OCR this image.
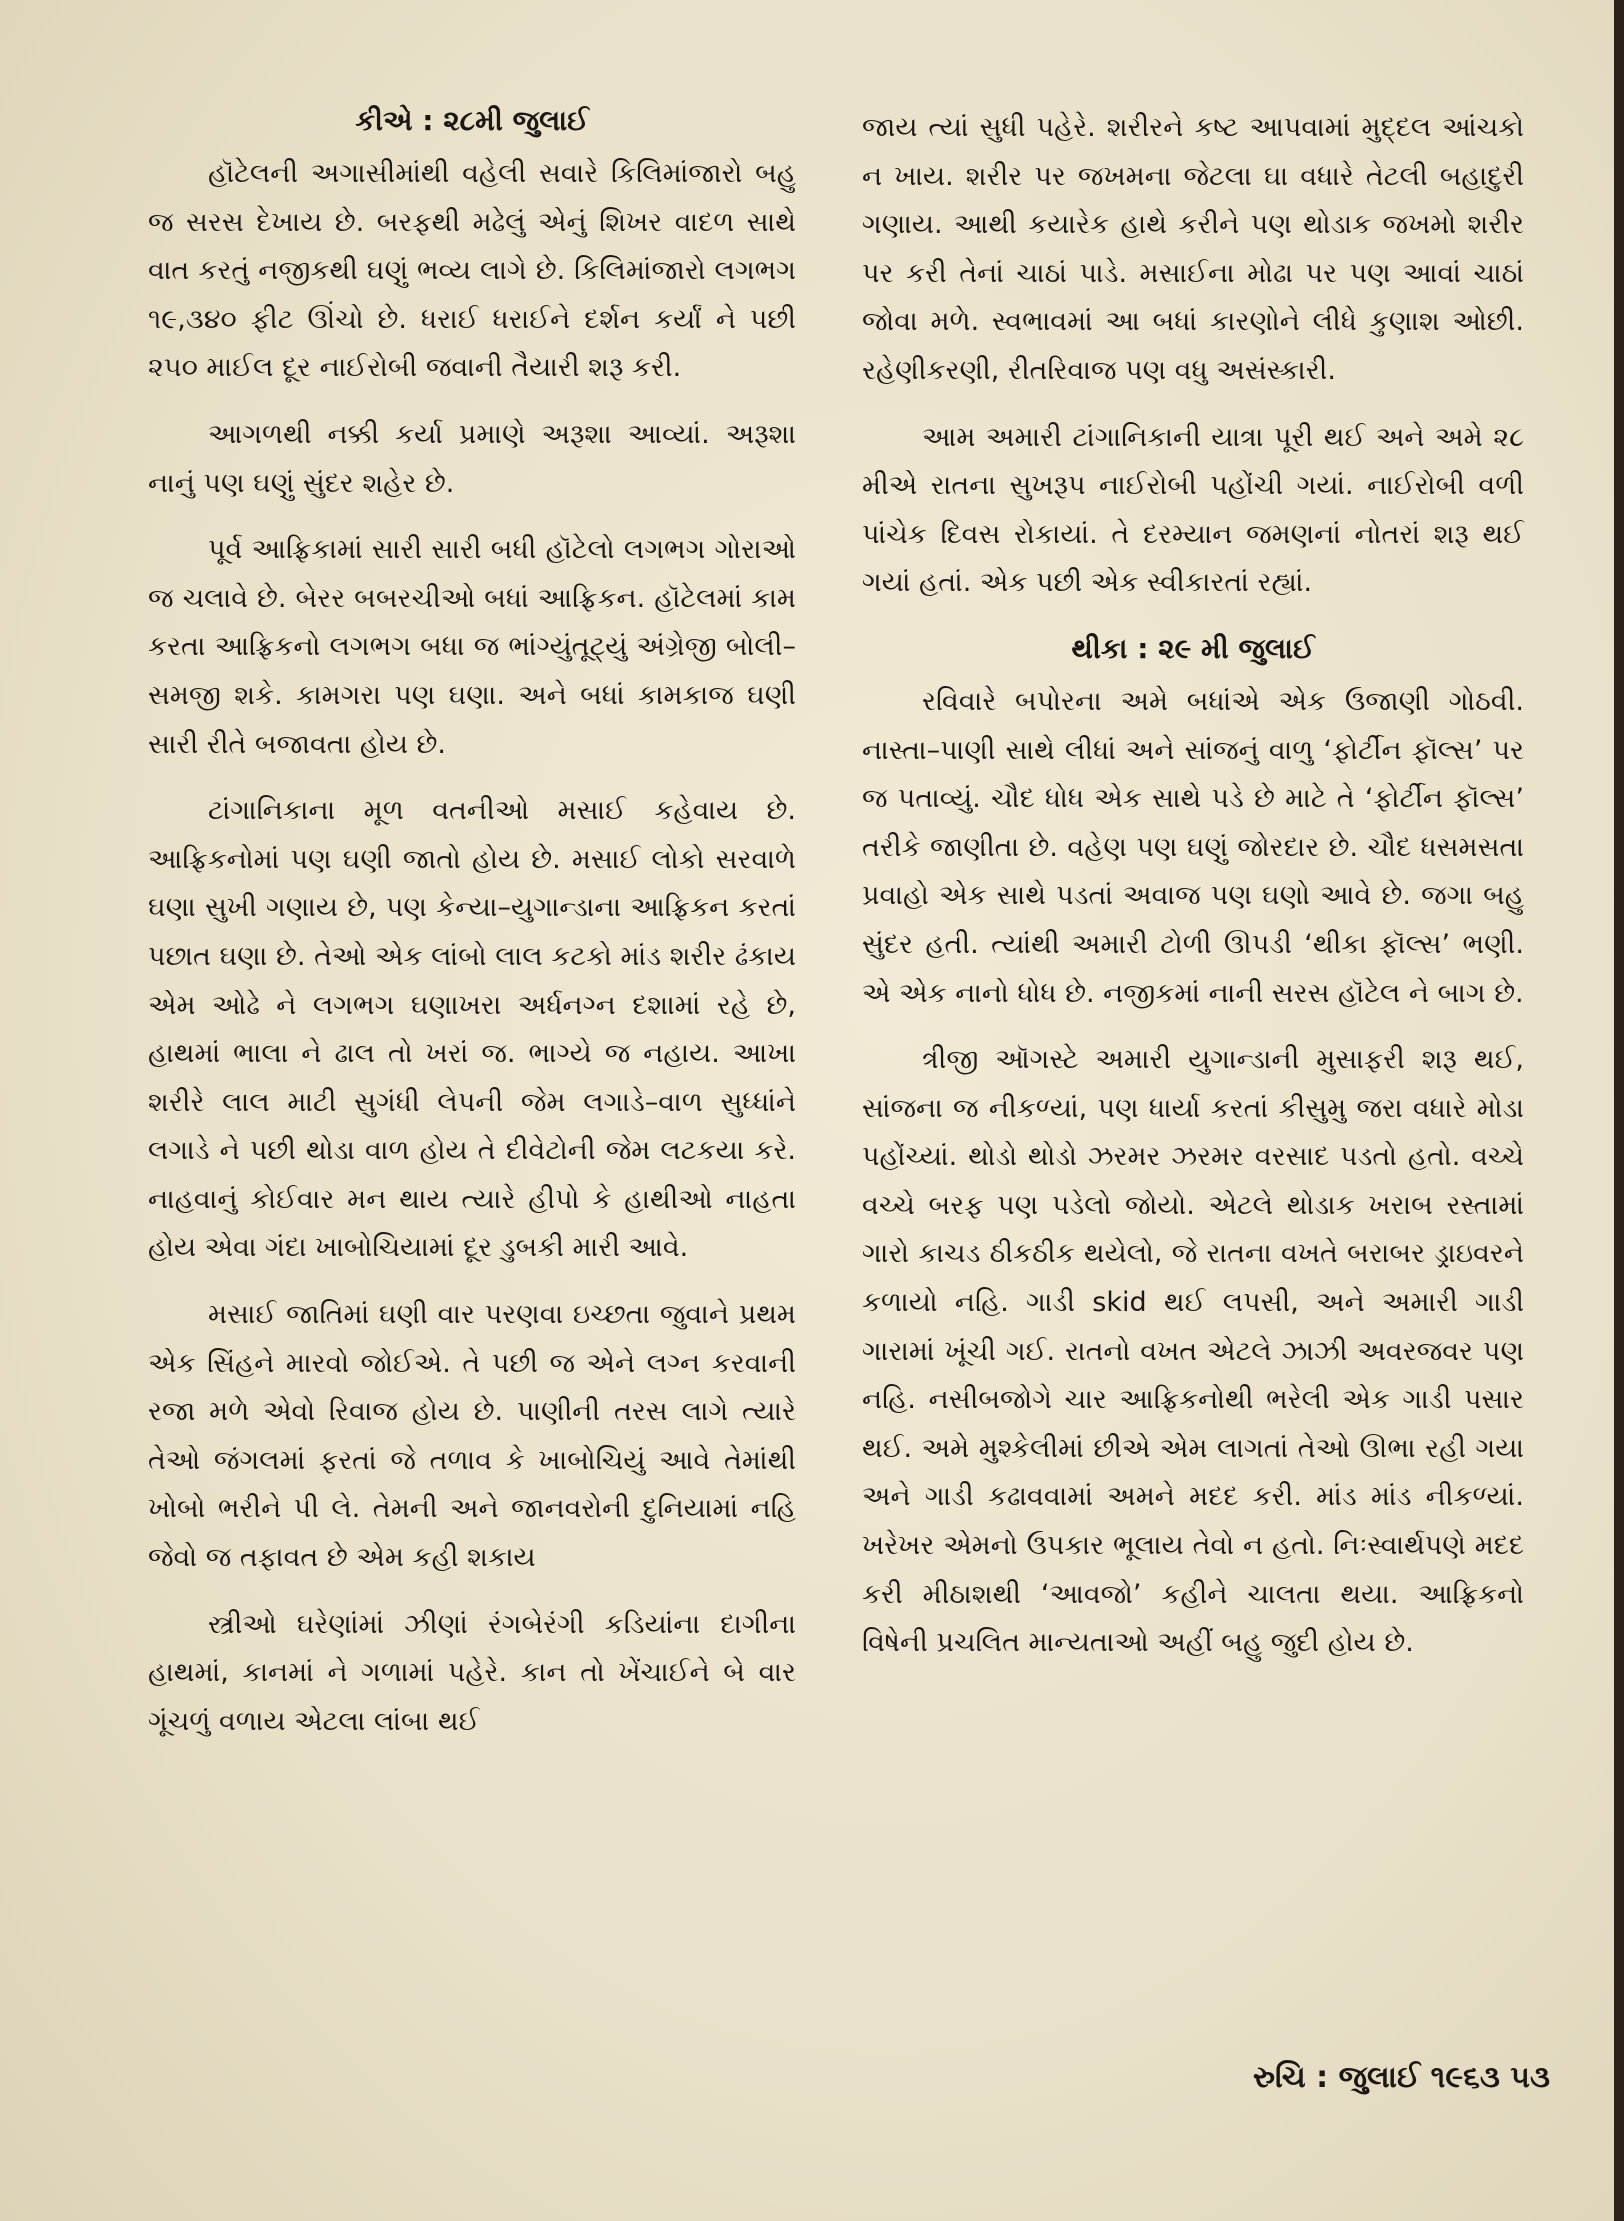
કીએ : ૨૮મી જુલાઈ

હૉટેલની અગાસીમાંથી વહેલી સવારે કિલિમાંજારો બહુ જ સરસ દેખાય છે. બરફથી મઢેલું એનું શિખર વાદળ સાથે વાત કરતું નજીકથી ઘણું ભવ્ય લાગે છે. કિલિમાંજારો લગભગ ૧૯,૩૪૦ ફીટ ઊંચો છે. ધરાઈ ધરાઈને દર્શન કર્યાં ને પછી ૨૫૦ માઈલ દૂર નાઈરોબી જવાની તૈયારી શરૂ કરી.

આગળથી નક્કી કર્યા પ્રમાણે અરૂશા આવ્યાં. અરૂશા નાનું પણ ઘણું સુંદર શહેર છે.

પૂર્વ આફ્રિકામાં સારી સારી બધી હૉટેલો લગભગ ગોરાઓ જ ચલાવે છે. બેરર બબરચીઓ બધાં આફ્રિકન. હૉટેલમાં કામ કરતા આફ્રિકનો લગભગ બધા જ ભાંગ્યુંતૂટ્યું અંગ્રેજી બોલી–સમજી શકે. કામગરા પણ ઘણા. અને બધાં કામકાજ ઘણી સારી રીતે બજાવતા હોય છે.

ટાંગાનિકાના મૂળ વતનીઓ મસાઈ કહેવાય છે. આફ્રિકનોમાં પણ ઘણી જાતો હોય છે. મસાઈ લોકો સરવાળે ઘણા સુખી ગણાય છે, પણ કેન્યા–યુગાન્ડાના આફ્રિકન કરતાં પછાત ઘણા છે. તેઓ એક લાંબો લાલ કટકો માંડ શરીર ઢંકાય એમ ઓઢે ને લગભગ ઘણાખરા અર્ધનગ્ન દશામાં રહે છે, હાથમાં ભાલા ને ઢાલ તો ખરાં જ. ભાગ્યે જ નહાય. આખા શરીરે લાલ માટી સુગંધી લેપની જેમ લગાડે–વાળ સુધ્ધાંને લગાડે ને પછી થોડા વાળ હોય તે દીવેટોની જેમ લટકયા કરે. નાહવાનું કોઈવાર મન થાય ત્યારે હીપો કે હાથીઓ નાહતા હોય એવા ગંદા ખાબોચિયામાં દૂર ડુબકી મારી આવે.

મસાઈ જાતિમાં ઘણી વાર પરણવા ઇચ્છતા જુવાને પ્રથમ એક સિંહને મારવો જોઈએ. તે પછી જ એને લગ્ન કરવાની રજા મળે એવો રિવાજ હોય છે. પાણીની તરસ લાગે ત્યારે તેઓ જંગલમાં ફરતાં જે તળાવ કે ખાબોચિયું આવે તેમાંથી ખોબો ભરીને પી લે. તેમની અને જાનવરોની દુનિયામાં નહિ જેવો જ તફાવત છે એમ કહી શકાય

સ્ત્રીઓ ઘરેણાંમાં ઝીણાં રંગબેરંગી કડિયાંના દાગીના હાથમાં, કાનમાં ને ગળામાં પહેરે. કાન તો ખેંચાઈને બે વાર ગૂંચળું વળાય એટલા લાંબા થઈ

જાય ત્યાં સુધી પહેરે. શરીરને કષ્ટ આપવામાં મુદ્દલ આંચકો ન ખાય. શરીર પર જખમના જેટલા ઘા વધારે તેટલી બહાદુરી ગણાય. આથી કયારેક હાથે કરીને પણ થોડાક જખમો શરીર પર કરી તેનાં ચાઠાં પાડે. મસાઈના મોઢા પર પણ આવાં ચાઠાં જોવા મળે. સ્વભાવમાં આ બધાં કારણોને લીધે કુણાશ ઓછી. રહેણીકરણી, રીતરિવાજ પણ વધુ અસંસ્કારી.

આમ અમારી ટાંગાનિકાની યાત્રા પૂરી થઈ અને અમે ૨૮ મીએ રાતના સુખરૂપ નાઈરોબી પહોંચી ગયાં. નાઈરોબી વળી પાંચેક દિવસ રોકાયાં. તે દરમ્યાન જમણનાં નોતરાં શરૂ થઈ ગયાં હતાં. એક પછી એક સ્વીકારતાં રહ્યાં.

થીકા : ૨૯ મી જુલાઈ

રવિવારે બપોરના અમે બધાંએ એક ઉજાણી ગોઠવી. નાસ્તા–પાણી સાથે લીધાં અને સાંજનું વાળુ ‘ફોર્ટીન ફૉલ્સ’ પર જ પતાવ્યું. ચૌદ ધોધ એક સાથે પડે છે માટે તે ‘ફોર્ટીન ફૉલ્સ’ તરીકે જાણીતા છે. વહેણ પણ ઘણું જોરદાર છે. ચૌદ ધસમસતા પ્રવાહો એક સાથે પડતાં અવાજ પણ ઘણો આવે છે. જગા બહુ સુંદર હતી. ત્યાંથી અમારી ટોળી ઊપડી ‘થીકા ફૉલ્સ’ ભણી. એ એક નાનો ધોધ છે. નજીકમાં નાની સરસ હૉટેલ ને બાગ છે.

ત્રીજી ઑગસ્ટે અમારી યુગાન્ડાની મુસાફરી શરૂ થઈ, સાંજના જ નીકળ્યાં, પણ ધાર્યા કરતાં કીસુમુ જરા વધારે મોડા પહોંચ્યાં. થોડો થોડો ઝરમર ઝરમર વરસાદ પડતો હતો. વચ્ચે વચ્ચે બરફ પણ પડેલો જોયો. એટલે થોડાક ખરાબ રસ્તામાં ગારો કાચડ ઠીકઠીક થયેલો, જે રાતના વખતે બરાબર ડ્રાઇવરને કળાયો નહિ. ગાડી skid થઈ લપસી, અને અમારી ગાડી ગારામાં ખૂંચી ગઈ. રાતનો વખત એટલે ઝાઝી અવરજવર પણ નહિ. નસીબજોગે ચાર આફ્રિકનોથી ભરેલી એક ગાડી પસાર થઈ. અમે મુશ્કેલીમાં છીએ એમ લાગતાં તેઓ ઊભા રહી ગયા અને ગાડી કઢાવવામાં અમને મદદ કરી. માંડ માંડ નીકળ્યાં. ખરેખર એમનો ઉપકાર ભૂલાય તેવો ન હતો. નિઃસ્વાર્થપણે મદદ કરી મીઠાશથી ‘આવજો’ કહીને ચાલતા થયા. આફ્રિકનો વિષેની પ્રચલિત માન્યતાઓ અહીં બહુ જુદી હોય છે.

રુચિ : જુલાઈ ૧૯૬૩ ૫૩
